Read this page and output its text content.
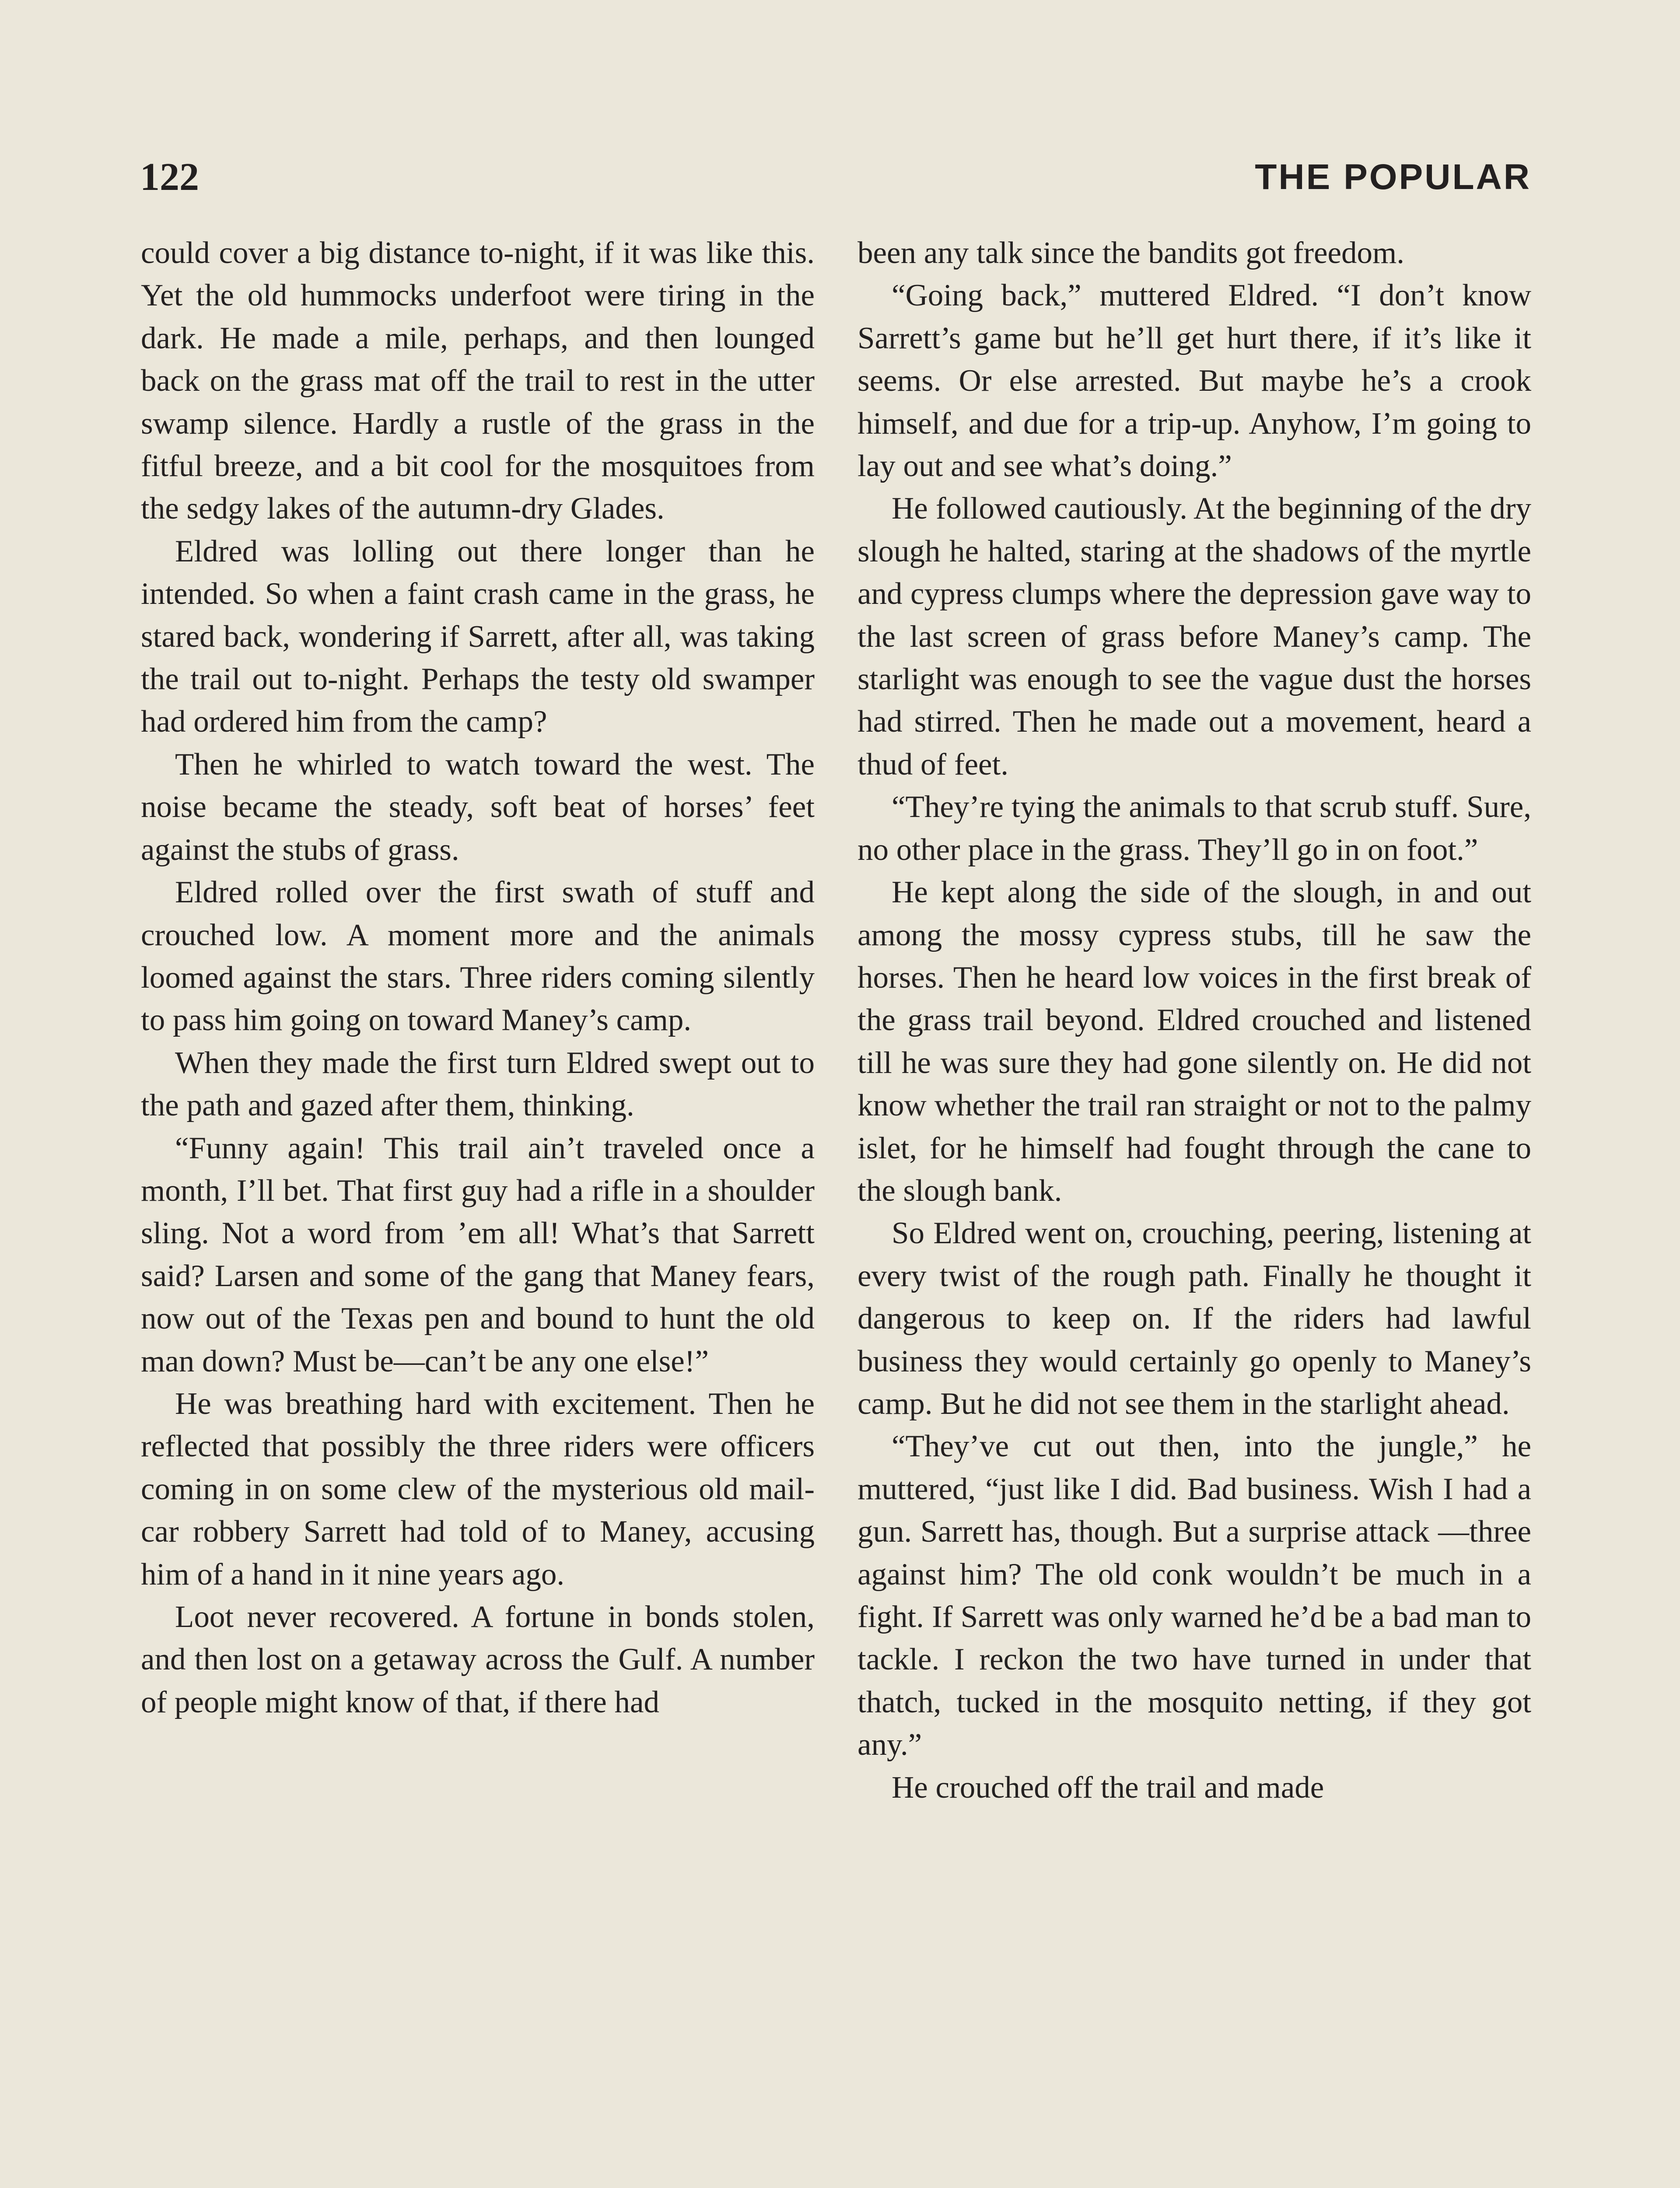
122	THE POPULAR

could cover a big distance to-night, if it was like this. Yet the old hummocks underfoot were tiring in the dark. He made a mile, perhaps, and then lounged back on the grass mat off the trail to rest in the utter swamp silence. Hardly a rustle of the grass in the fitful breeze, and a bit cool for the mosquitoes from the sedgy lakes of the autumn-dry Glades.

Eldred was lolling out there longer than he intended. So when a faint crash came in the grass, he stared back, wondering if Sarrett, after all, was taking the trail out to-night. Perhaps the testy old swamper had ordered him from the camp?

Then he whirled to watch toward the west. The noise became the steady, soft beat of horses’ feet against the stubs of grass.

Eldred rolled over the first swath of stuff and crouched low. A moment more and the animals loomed against the stars. Three riders coming silently to pass him going on toward Maney’s camp.

When they made the first turn Eldred swept out to the path and gazed after them, thinking.

“Funny again! This trail ain’t traveled once a month, I’ll bet. That first guy had a rifle in a shoulder sling. Not a word from ’em all! What’s that Sarrett said? Larsen and some of the gang that Maney fears, now out of the Texas pen and bound to hunt the old man down? Must be—can’t be any one else!”

He was breathing hard with excitement. Then he reflected that possibly the three riders were officers coming in on some clew of the mysterious old mail-car robbery Sarrett had told of to Maney, accusing him of a hand in it nine years ago.

Loot never recovered. A fortune in bonds stolen, and then lost on a getaway across the Gulf. A number of people might know of that, if there had

been any talk since the bandits got freedom.

“Going back,” muttered Eldred. “I don’t know Sarrett’s game but he’ll get hurt there, if it’s like it seems. Or else arrested. But maybe he’s a crook himself, and due for a trip-up. Anyhow, I’m going to lay out and see what’s doing.”

He followed cautiously. At the beginning of the dry slough he halted, staring at the shadows of the myrtle and cypress clumps where the depression gave way to the last screen of grass before Maney’s camp. The starlight was enough to see the vague dust the horses had stirred. Then he made out a movement, heard a thud of feet.

“They’re tying the animals to that scrub stuff. Sure, no other place in the grass. They’ll go in on foot.”

He kept along the side of the slough, in and out among the mossy cypress stubs, till he saw the horses. Then he heard low voices in the first break of the grass trail beyond. Eldred crouched and listened till he was sure they had gone silently on. He did not know whether the trail ran straight or not to the palmy islet, for he himself had fought through the cane to the slough bank.

So Eldred went on, crouching, peering, listening at every twist of the rough path. Finally he thought it dangerous to keep on. If the riders had lawful business they would certainly go openly to Maney’s camp. But he did not see them in the starlight ahead.

“They’ve cut out then, into the jungle,” he muttered, “just like I did. Bad business. Wish I had a gun. Sarrett has, though. But a surprise attack —three against him? The old conk wouldn’t be much in a fight. If Sarrett was only warned he’d be a bad man to tackle. I reckon the two have turned in under that thatch, tucked in the mosquito netting, if they got any.”

He crouched off the trail and made
